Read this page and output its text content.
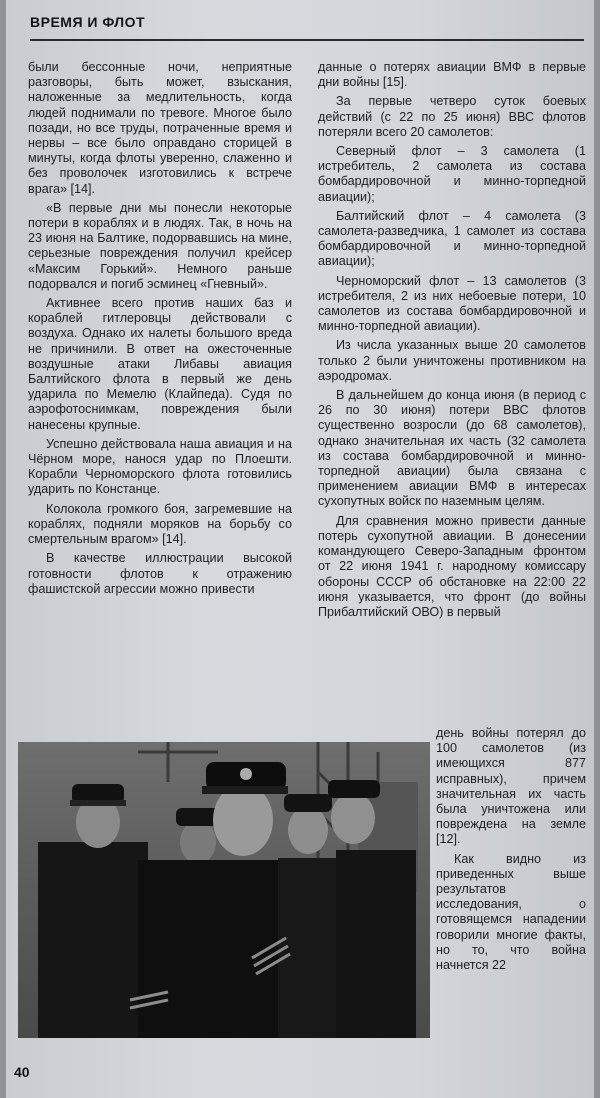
ВРЕМЯ И ФЛОТ

были бессонные ночи, неприятные разговоры, быть может, взыскания, наложенные за медлительность, когда людей поднимали по тревоге. Многое было позади, но все труды, потраченные время и нервы – все было оправдано сторицей в минуты, когда флоты уверенно, слаженно и без проволочек изготовились к встрече врага» [14].

«В первые дни мы понесли некоторые потери в кораблях и в людях. Так, в ночь на 23 июня на Балтике, подорвавшись на мине, серьезные повреждения получил крейсер «Максим Горький». Немного раньше подорвался и погиб эсминец «Гневный».

Активнее всего против наших баз и кораблей гитлеровцы действовали с воздуха. Однако их налеты большого вреда не причинили. В ответ на ожесточенные воздушные атаки Либавы авиация Балтийского флота в первый же день ударила по Мемелю (Клайпеда). Судя по аэрофотоснимкам, повреждения были нанесены крупные.

Успешно действовала наша авиация и на Чёрном море, нанося удар по Плоешти. Корабли Черноморского флота готовились ударить по Констанце.

Колокола громкого боя, загремевшие на кораблях, подняли моряков на борьбу со смертельным врагом» [14].

В качестве иллюстрации высокой готовности флотов к отражению фашистской агрессии можно привести

данные о потерях авиации ВМФ в первые дни войны [15].

За первые четверо суток боевых действий (с 22 по 25 июня) ВВС флотов потеряли всего 20 самолетов:

Северный флот – 3 самолета (1 истребитель, 2 самолета из состава бомбардировочной и минно-торпедной авиации);

Балтийский флот – 4 самолета (3 самолета-разведчика, 1 самолет из состава бомбардировочной и минно-торпедной авиации);

Черноморский флот – 13 самолетов (3 истребителя, 2 из них небоевые потери, 10 самолетов из состава бомбардировочной и минно-торпедной авиации).

Из числа указанных выше 20 самолетов только 2 были уничтожены противником на аэродромах.

В дальнейшем до конца июня (в период с 26 по 30 июня) потери ВВС флотов существенно возросли (до 68 самолетов), однако значительная их часть (32 самолета из состава бомбардировочной и минно-торпедной авиации) была связана с применением авиации ВМФ в интересах сухопутных войск по наземным целям.

Для сравнения можно привести данные потерь сухопутной авиации. В донесении командующего Северо-Западным фронтом от 22 июня 1941 г. народному комиссару обороны СССР об обстановке на 22:00 22 июня указывается, что фронт (до войны Прибалтийский ОВО) в первый

день войны потерял до 100 самолетов (из имеющихся 877 исправных), причем значительная их часть была уничтожена или повреждена на земле [12].

Как видно из приведенных выше результатов исследования, о готовящемся нападении говорили многие факты, но то, что война начнется 22

40
